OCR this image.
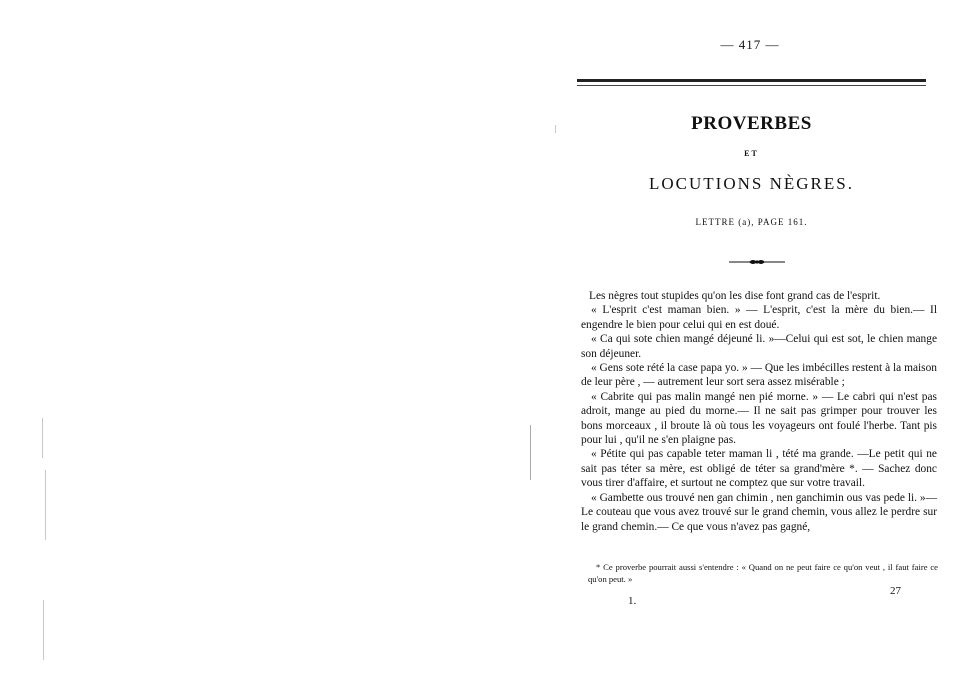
— 417 —
PROVERBES
ET
LOCUTIONS NÈGRES.
LETTRE (a), PAGE 161.

Les nègres tout stupides qu'on les dise font grand cas de l'esprit.

« L'esprit c'est maman bien. » — L'esprit, c'est la mère du bien.— Il engendre le bien pour celui qui en est doué.

« Ca qui sote chien mangé déjeuné li. »—Celui qui est sot, le chien mange son déjeuner.

« Gens sote rété la case papa yo. » — Que les imbécilles restent à la maison de leur père , — autrement leur sort sera assez misérable ;

« Cabrite qui pas malin mangé nen pié morne. » — Le cabri qui n'est pas adroit, mange au pied du morne.— Il ne sait pas grimper pour trouver les bons morceaux , il broute là où tous les voyageurs ont foulé l'herbe. Tant pis pour lui , qu'il ne s'en plaigne pas.

« Pétite qui pas capable teter maman li , tété ma grande. —Le petit qui ne sait pas téter sa mère, est obligé de téter sa grand'mère *. — Sachez donc vous tirer d'affaire, et surtout ne comptez que sur votre travail.

« Gambette ous trouvé nen gan chimin , nen ganchimin ous vas pede li. »— Le couteau que vous avez trouvé sur le grand chemin, vous allez le perdre sur le grand chemin.— Ce que vous n'avez pas gagné,

* Ce proverbe pourrait aussi s'entendre : « Quand on ne peut faire ce qu'on veut , il faut faire ce qu'on peut. »

1.
27
